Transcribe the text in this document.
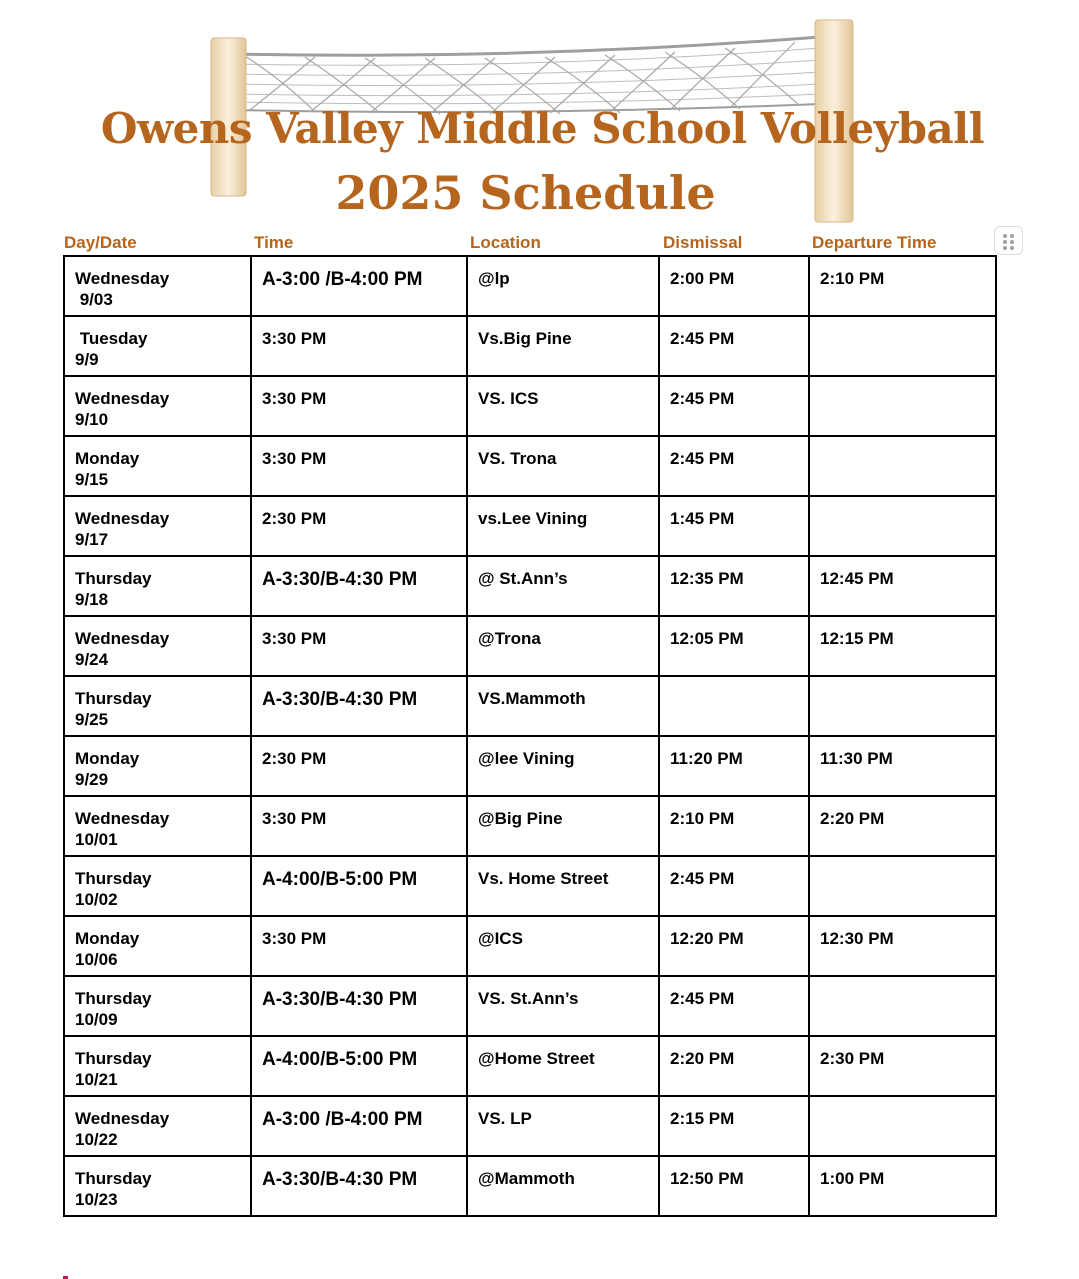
Owens Valley Middle School Volleyball
2025 Schedule
Day/Date	Time	Location	Dismissal	Departure Time
Wednesday
9/03	A-3:00 /B-4:00 PM	@lp	2:00 PM	2:10 PM

Tuesday
9/9	3:30 PM	Vs.Big Pine	2:45 PM	

Wednesday
9/10	3:30 PM	VS. ICS	2:45 PM	

Monday
9/15	3:30 PM	VS. Trona	2:45 PM	

Wednesday
9/17	2:30 PM	vs.Lee Vining	1:45 PM	

Thursday
9/18	A-3:30/B-4:30 PM	@ St.Ann’s	12:35 PM	12:45 PM

Wednesday
9/24	3:30 PM	@Trona	12:05 PM	12:15 PM

Thursday
9/25	A-3:30/B-4:30 PM	VS.Mammoth		

Monday
9/29	2:30 PM	@lee Vining	11:20 PM	11:30 PM

Wednesday
10/01	3:30 PM	@Big Pine	2:10 PM	2:20 PM

Thursday
10/02	A-4:00/B-5:00 PM	Vs. Home Street	2:45 PM	

Monday
10/06	3:30 PM	@ICS	12:20 PM	12:30 PM

Thursday
10/09	A-3:30/B-4:30 PM	VS. St.Ann’s	2:45 PM	

Thursday
10/21	A-4:00/B-5:00 PM	@Home Street	2:20 PM	2:30 PM

Wednesday
10/22	A-3:00 /B-4:00 PM	VS. LP	2:15 PM	

Thursday
10/23	A-3:30/B-4:30 PM	@Mammoth	12:50 PM	1:00 PM
